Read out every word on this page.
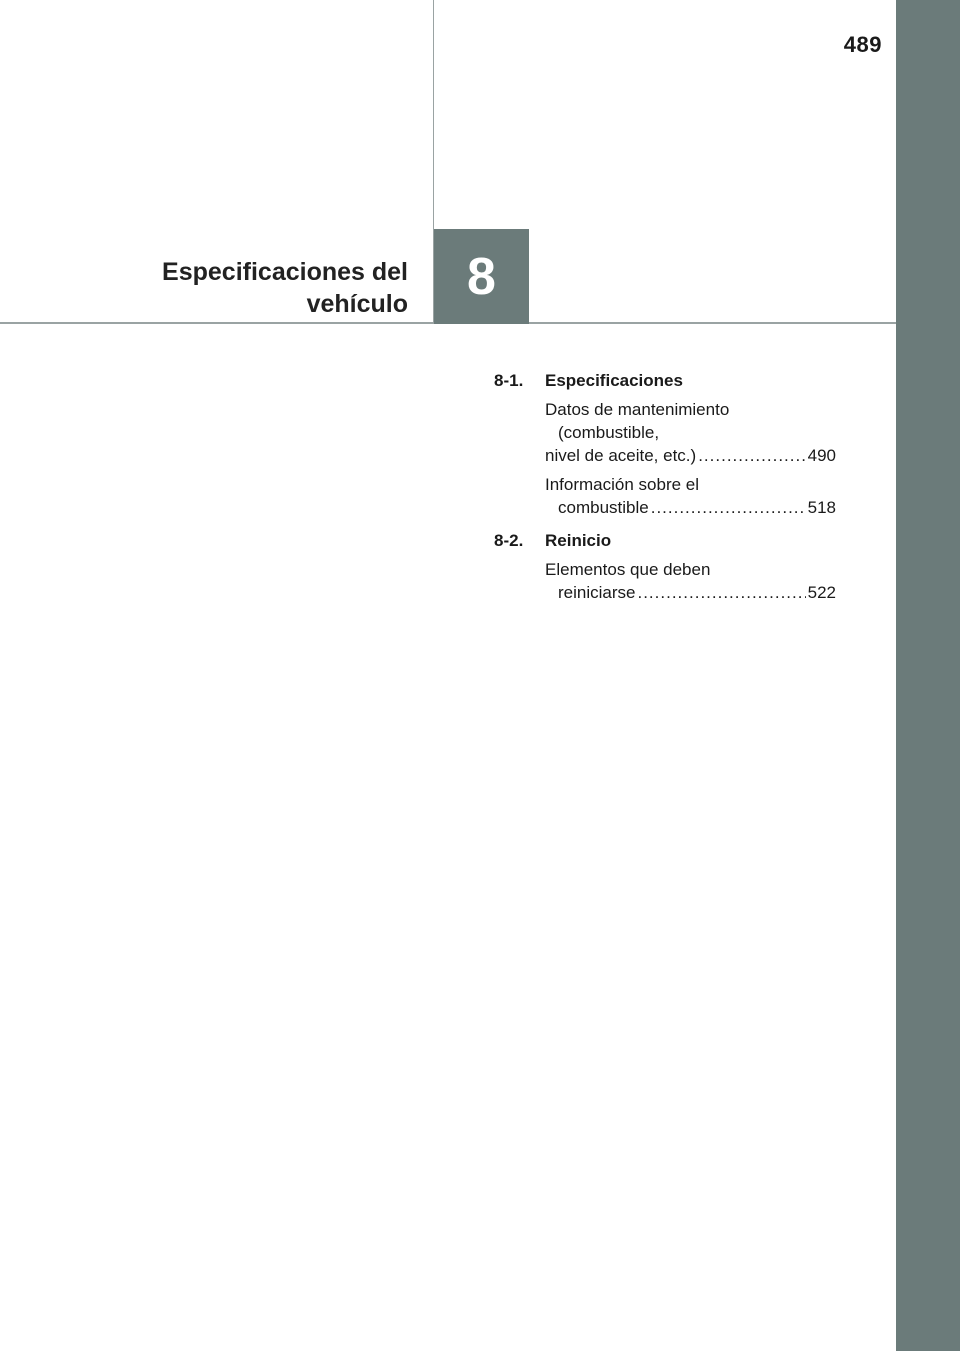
489
Especificaciones del
vehículo 8
8-1.	Especificaciones
Datos de mantenimiento
(combustible,
nivel de aceite, etc.) .....	490
Información sobre el
combustible .....	518
8-2.	Reinicio
Elementos que deben
reiniciarse .....	522
